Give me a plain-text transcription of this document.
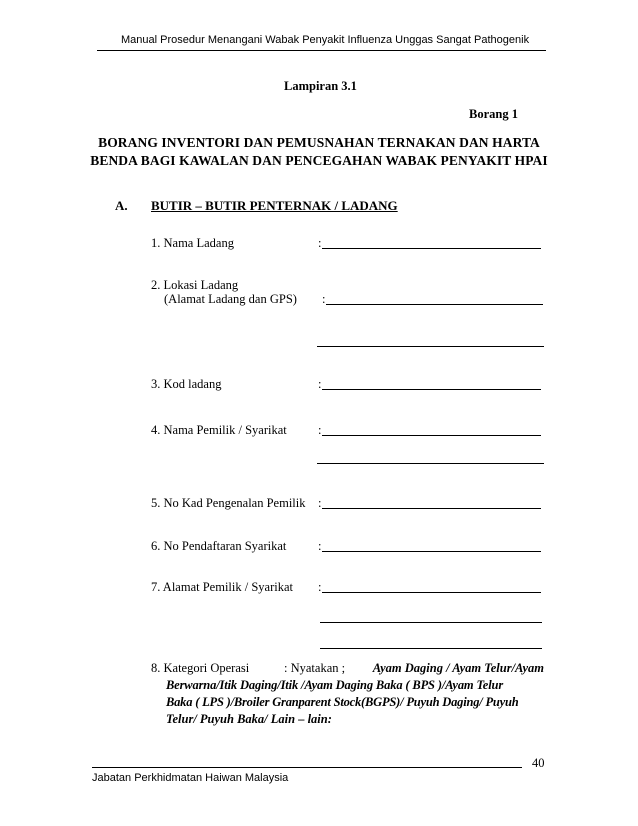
Manual Prosedur Menangani Wabak Penyakit Influenza Unggas Sangat Pathogenik
Lampiran 3.1
Borang 1
BORANG INVENTORI DAN PEMUSNAHAN TERNAKAN DAN HARTA
BENDA BAGI KAWALAN DAN PENCEGAHAN WABAK PENYAKIT HPAI
A. BUTIR – BUTIR PENTERNAK / LADANG
1. Nama Ladang	:
2. Lokasi Ladang
(Alamat Ladang dan GPS) :
3. Kod ladang	:
4. Nama Pemilik / Syarikat	:
5. No Kad Pengenalan Pemilik :
6. No Pendaftaran Syarikat	:
7. Alamat Pemilik / Syarikat :
8. Kategori Operasi	: Nyatakan ; Ayam Daging / Ayam Telur/Ayam
Berwarna/Itik Daging/Itik /Ayam Daging Baka ( BPS )/Ayam Telur
Baka ( LPS )/Broiler Granparent Stock(BGPS)/ Puyuh Daging/ Puyuh
Telur/ Puyuh Baka/ Lain – lain:
40
Jabatan Perkhidmatan Haiwan Malaysia
